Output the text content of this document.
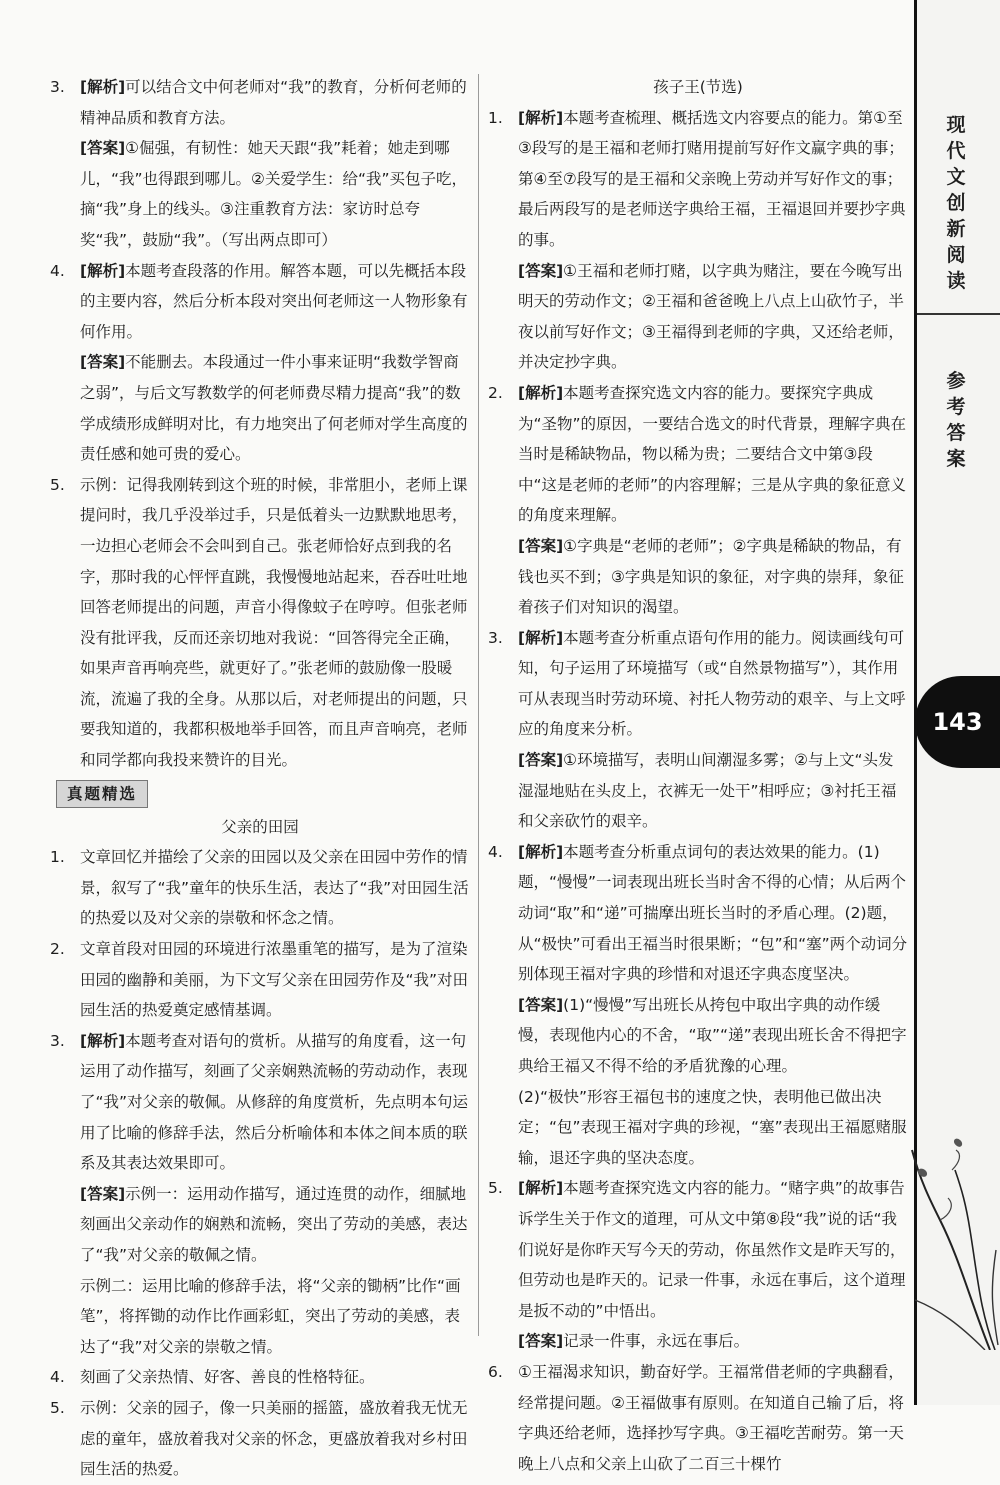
3. [解析]可以结合文中何老师对“我”的教育，分析何老师的精神品质和教育方法。

[答案]①倔强，有韧性：她天天跟“我”耗着；她走到哪儿，“我”也得跟到哪儿。②关爱学生：给“我”买包子吃，摘“我”身上的线头。③注重教育方法：家访时总夸奖“我”，鼓励“我”。（写出两点即可）

4. [解析]本题考查段落的作用。解答本题，可以先概括本段的主要内容，然后分析本段对突出何老师这一人物形象有何作用。

[答案]不能删去。本段通过一件小事来证明“我数学智商之弱”，与后文写教数学的何老师费尽精力提高“我”的数学成绩形成鲜明对比，有力地突出了何老师对学生高度的责任感和她可贵的爱心。

5. 示例：记得我刚转到这个班的时候，非常胆小，老师上课提问时，我几乎没举过手，只是低着头一边默默地思考，一边担心老师会不会叫到自己。张老师恰好点到我的名字，那时我的心怦怦直跳，我慢慢地站起来，吞吞吐吐地回答老师提出的问题，声音小得像蚊子在哼哼。但张老师没有批评我，反而还亲切地对我说：“回答得完全正确，如果声音再响亮些，就更好了。”张老师的鼓励像一股暖流，流遍了我的全身。从那以后，对老师提出的问题，只要我知道的，我都积极地举手回答，而且声音响亮，老师和同学都向我投来赞许的目光。

真题精选

父亲的田园

1. 文章回忆并描绘了父亲的田园以及父亲在田园中劳作的情景，叙写了“我”童年的快乐生活，表达了“我”对田园生活的热爱以及对父亲的崇敬和怀念之情。

2. 文章首段对田园的环境进行浓墨重笔的描写，是为了渲染田园的幽静和美丽，为下文写父亲在田园劳作及“我”对田园生活的热爱奠定感情基调。

3. [解析]本题考查对语句的赏析。从描写的角度看，这一句运用了动作描写，刻画了父亲娴熟流畅的劳动动作，表现了“我”对父亲的敬佩。从修辞的角度赏析，先点明本句运用了比喻的修辞手法，然后分析喻体和本体之间本质的联系及其表达效果即可。

[答案]示例一：运用动作描写，通过连贯的动作，细腻地刻画出父亲动作的娴熟和流畅，突出了劳动的美感，表达了“我”对父亲的敬佩之情。

示例二：运用比喻的修辞手法，将“父亲的锄柄”比作“画笔”，将挥锄的动作比作画彩虹，突出了劳动的美感，表达了“我”对父亲的崇敬之情。

4. 刻画了父亲热情、好客、善良的性格特征。

5. 示例：父亲的园子，像一只美丽的摇篮，盛放着我无忧无虑的童年，盛放着我对父亲的怀念，更盛放着我对乡村田园生活的热爱。

孩子王(节选)

1. [解析]本题考查梳理、概括选文内容要点的能力。第①至③段写的是王福和老师打赌用提前写好作文赢字典的事；第④至⑦段写的是王福和父亲晚上劳动并写好作文的事；最后两段写的是老师送字典给王福，王福退回并要抄字典的事。

[答案]①王福和老师打赌，以字典为赌注，要在今晚写出明天的劳动作文；②王福和爸爸晚上八点上山砍竹子，半夜以前写好作文；③王福得到老师的字典，又还给老师，并决定抄字典。

2. [解析]本题考查探究选文内容的能力。要探究字典成为“圣物”的原因，一要结合选文的时代背景，理解字典在当时是稀缺物品，物以稀为贵；二要结合文中第③段中“这是老师的老师”的内容理解；三是从字典的象征意义的角度来理解。

[答案]①字典是“老师的老师”；②字典是稀缺的物品，有钱也买不到；③字典是知识的象征，对字典的崇拜，象征着孩子们对知识的渴望。

3. [解析]本题考查分析重点语句作用的能力。阅读画线句可知，句子运用了环境描写（或“自然景物描写”），其作用可从表现当时劳动环境、衬托人物劳动的艰辛、与上文呼应的角度来分析。

[答案]①环境描写，表明山间潮湿多雾；②与上文“头发湿湿地贴在头皮上，衣裤无一处干”相呼应；③衬托王福和父亲砍竹的艰辛。

4. [解析]本题考查分析重点词句的表达效果的能力。(1)题，“慢慢”一词表现出班长当时舍不得的心情；从后两个动词“取”和“递”可揣摩出班长当时的矛盾心理。(2)题，从“极快”可看出王福当时很果断；“包”和“塞”两个动词分别体现王福对字典的珍惜和对退还字典态度坚决。

[答案](1)“慢慢”写出班长从挎包中取出字典的动作缓慢，表现他内心的不舍，“取”“递”表现出班长舍不得把字典给王福又不得不给的矛盾犹豫的心理。

(2)“极快”形容王福包书的速度之快，表明他已做出决定；“包”表现王福对字典的珍视，“塞”表现出王福愿赌服输，退还字典的坚决态度。

5. [解析]本题考查探究选文内容的能力。“赌字典”的故事告诉学生关于作文的道理，可从文中第⑧段“我”说的话“我们说好是你昨天写今天的劳动，你虽然作文是昨天写的，但劳动也是昨天的。记录一件事，永远在事后，这个道理是扳不动的”中悟出。

[答案]记录一件事，永远在事后。

6. ①王福渴求知识，勤奋好学。王福常借老师的字典翻看，经常提问题。②王福做事有原则。在知道自己输了后，将字典还给老师，选择抄写字典。③王福吃苦耐劳。第一天晚上八点和父亲上山砍了二百三十棵竹

现
代
文
创
新
阅
读
参
考
答
案
143
